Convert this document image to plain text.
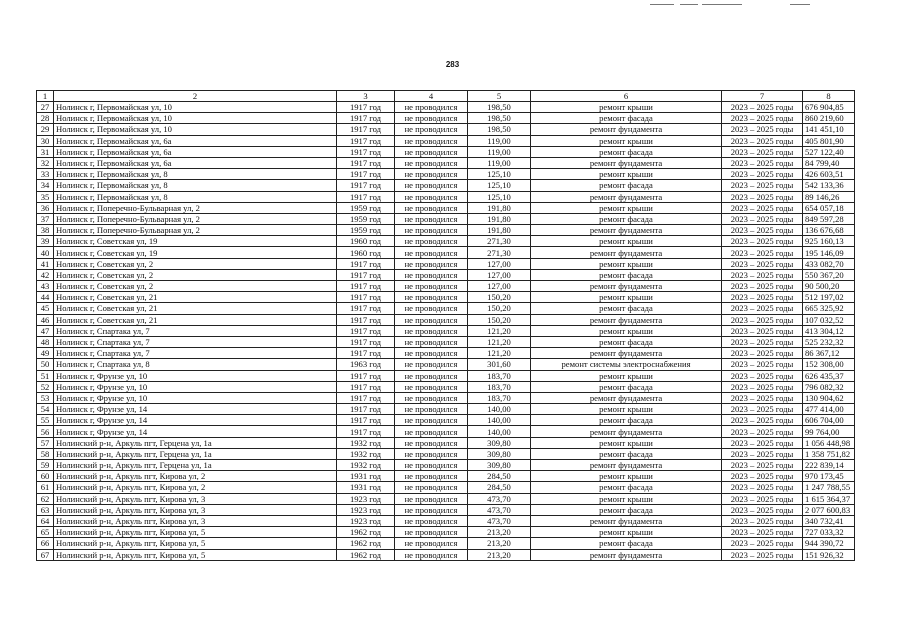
283
1	2	3	4	5	6	7	8
27	Нолинск г, Первомайская ул, 10	1917 год	не проводился	198,50	ремонт крыши	2023 – 2025 годы	676 904,85
28	Нолинск г, Первомайская ул, 10	1917 год	не проводился	198,50	ремонт фасада	2023 – 2025 годы	860 219,60
29	Нолинск г, Первомайская ул, 10	1917 год	не проводился	198,50	ремонт фундамента	2023 – 2025 годы	141 451,10
30	Нолинск г, Первомайская ул, 6а	1917 год	не проводился	119,00	ремонт крыши	2023 – 2025 годы	405 801,90
31	Нолинск г, Первомайская ул, 6а	1917 год	не проводился	119,00	ремонт фасада	2023 – 2025 годы	527 122,40
32	Нолинск г, Первомайская ул, 6а	1917 год	не проводился	119,00	ремонт фундамента	2023 – 2025 годы	84 799,40
33	Нолинск г, Первомайская ул, 8	1917 год	не проводился	125,10	ремонт крыши	2023 – 2025 годы	426 603,51
34	Нолинск г, Первомайская ул, 8	1917 год	не проводился	125,10	ремонт фасада	2023 – 2025 годы	542 133,36
35	Нолинск г, Первомайская ул, 8	1917 год	не проводился	125,10	ремонт фундамента	2023 – 2025 годы	89 146,26
36	Нолинск г, Поперечно-Бульварная ул, 2	1959 год	не проводился	191,80	ремонт крыши	2023 – 2025 годы	654 057,18
37	Нолинск г, Поперечно-Бульварная ул, 2	1959 год	не проводился	191,80	ремонт фасада	2023 – 2025 годы	849 597,28
38	Нолинск г, Поперечно-Бульварная ул, 2	1959 год	не проводился	191,80	ремонт фундамента	2023 – 2025 годы	136 676,68
39	Нолинск г, Советская ул, 19	1960 год	не проводился	271,30	ремонт крыши	2023 – 2025 годы	925 160,13
40	Нолинск г, Советская ул, 19	1960 год	не проводился	271,30	ремонт фундамента	2023 – 2025 годы	195 146,09
41	Нолинск г, Советская ул, 2	1917 год	не проводился	127,00	ремонт крыши	2023 – 2025 годы	433 082,70
42	Нолинск г, Советская ул, 2	1917 год	не проводился	127,00	ремонт фасада	2023 – 2025 годы	550 367,20
43	Нолинск г, Советская ул, 2	1917 год	не проводился	127,00	ремонт фундамента	2023 – 2025 годы	90 500,20
44	Нолинск г, Советская ул, 21	1917 год	не проводился	150,20	ремонт крыши	2023 – 2025 годы	512 197,02
45	Нолинск г, Советская ул, 21	1917 год	не проводился	150,20	ремонт фасада	2023 – 2025 годы	665 325,92
46	Нолинск г, Советская ул, 21	1917 год	не проводился	150,20	ремонт фундамента	2023 – 2025 годы	107 032,52
47	Нолинск г, Спартака ул, 7	1917 год	не проводился	121,20	ремонт крыши	2023 – 2025 годы	413 304,12
48	Нолинск г, Спартака ул, 7	1917 год	не проводился	121,20	ремонт фасада	2023 – 2025 годы	525 232,32
49	Нолинск г, Спартака ул, 7	1917 год	не проводился	121,20	ремонт фундамента	2023 – 2025 годы	86 367,12
50	Нолинск г, Спартака ул, 8	1963 год	не проводился	301,60	ремонт системы электроснабжения	2023 – 2025 годы	152 308,00
51	Нолинск г, Фрунзе ул, 10	1917 год	не проводился	183,70	ремонт крыши	2023 – 2025 годы	626 435,37
52	Нолинск г, Фрунзе ул, 10	1917 год	не проводился	183,70	ремонт фасада	2023 – 2025 годы	796 082,32
53	Нолинск г, Фрунзе ул, 10	1917 год	не проводился	183,70	ремонт фундамента	2023 – 2025 годы	130 904,62
54	Нолинск г, Фрунзе ул, 14	1917 год	не проводился	140,00	ремонт крыши	2023 – 2025 годы	477 414,00
55	Нолинск г, Фрунзе ул, 14	1917 год	не проводился	140,00	ремонт фасада	2023 – 2025 годы	606 704,00
56	Нолинск г, Фрунзе ул, 14	1917 год	не проводился	140,00	ремонт фундамента	2023 – 2025 годы	99 764,00
57	Нолинский р-н, Аркуль пгт, Герцена ул, 1а	1932 год	не проводился	309,80	ремонт крыши	2023 – 2025 годы	1 056 448,98
58	Нолинский р-н, Аркуль пгт, Герцена ул, 1а	1932 год	не проводился	309,80	ремонт фасада	2023 – 2025 годы	1 358 751,82
59	Нолинский р-н, Аркуль пгт, Герцена ул, 1а	1932 год	не проводился	309,80	ремонт фундамента	2023 – 2025 годы	222 839,14
60	Нолинский р-н, Аркуль пгт, Кирова ул, 2	1931 год	не проводился	284,50	ремонт крыши	2023 – 2025 годы	970 173,45
61	Нолинский р-н, Аркуль пгт, Кирова ул, 2	1931 год	не проводился	284,50	ремонт фасада	2023 – 2025 годы	1 247 788,55
62	Нолинский р-н, Аркуль пгт, Кирова ул, 3	1923 год	не проводился	473,70	ремонт крыши	2023 – 2025 годы	1 615 364,37
63	Нолинский р-н, Аркуль пгт, Кирова ул, 3	1923 год	не проводился	473,70	ремонт фасада	2023 – 2025 годы	2 077 600,83
64	Нолинский р-н, Аркуль пгт, Кирова ул, 3	1923 год	не проводился	473,70	ремонт фундамента	2023 – 2025 годы	340 732,41
65	Нолинский р-н, Аркуль пгт, Кирова ул, 5	1962 год	не проводился	213,20	ремонт крыши	2023 – 2025 годы	727 033,32
66	Нолинский р-н, Аркуль пгт, Кирова ул, 5	1962 год	не проводился	213,20	ремонт фасада	2023 – 2025 годы	944 390,72
67	Нолинский р-н, Аркуль пгт, Кирова ул, 5	1962 год	не проводился	213,20	ремонт фундамента	2023 – 2025 годы	151 926,32
